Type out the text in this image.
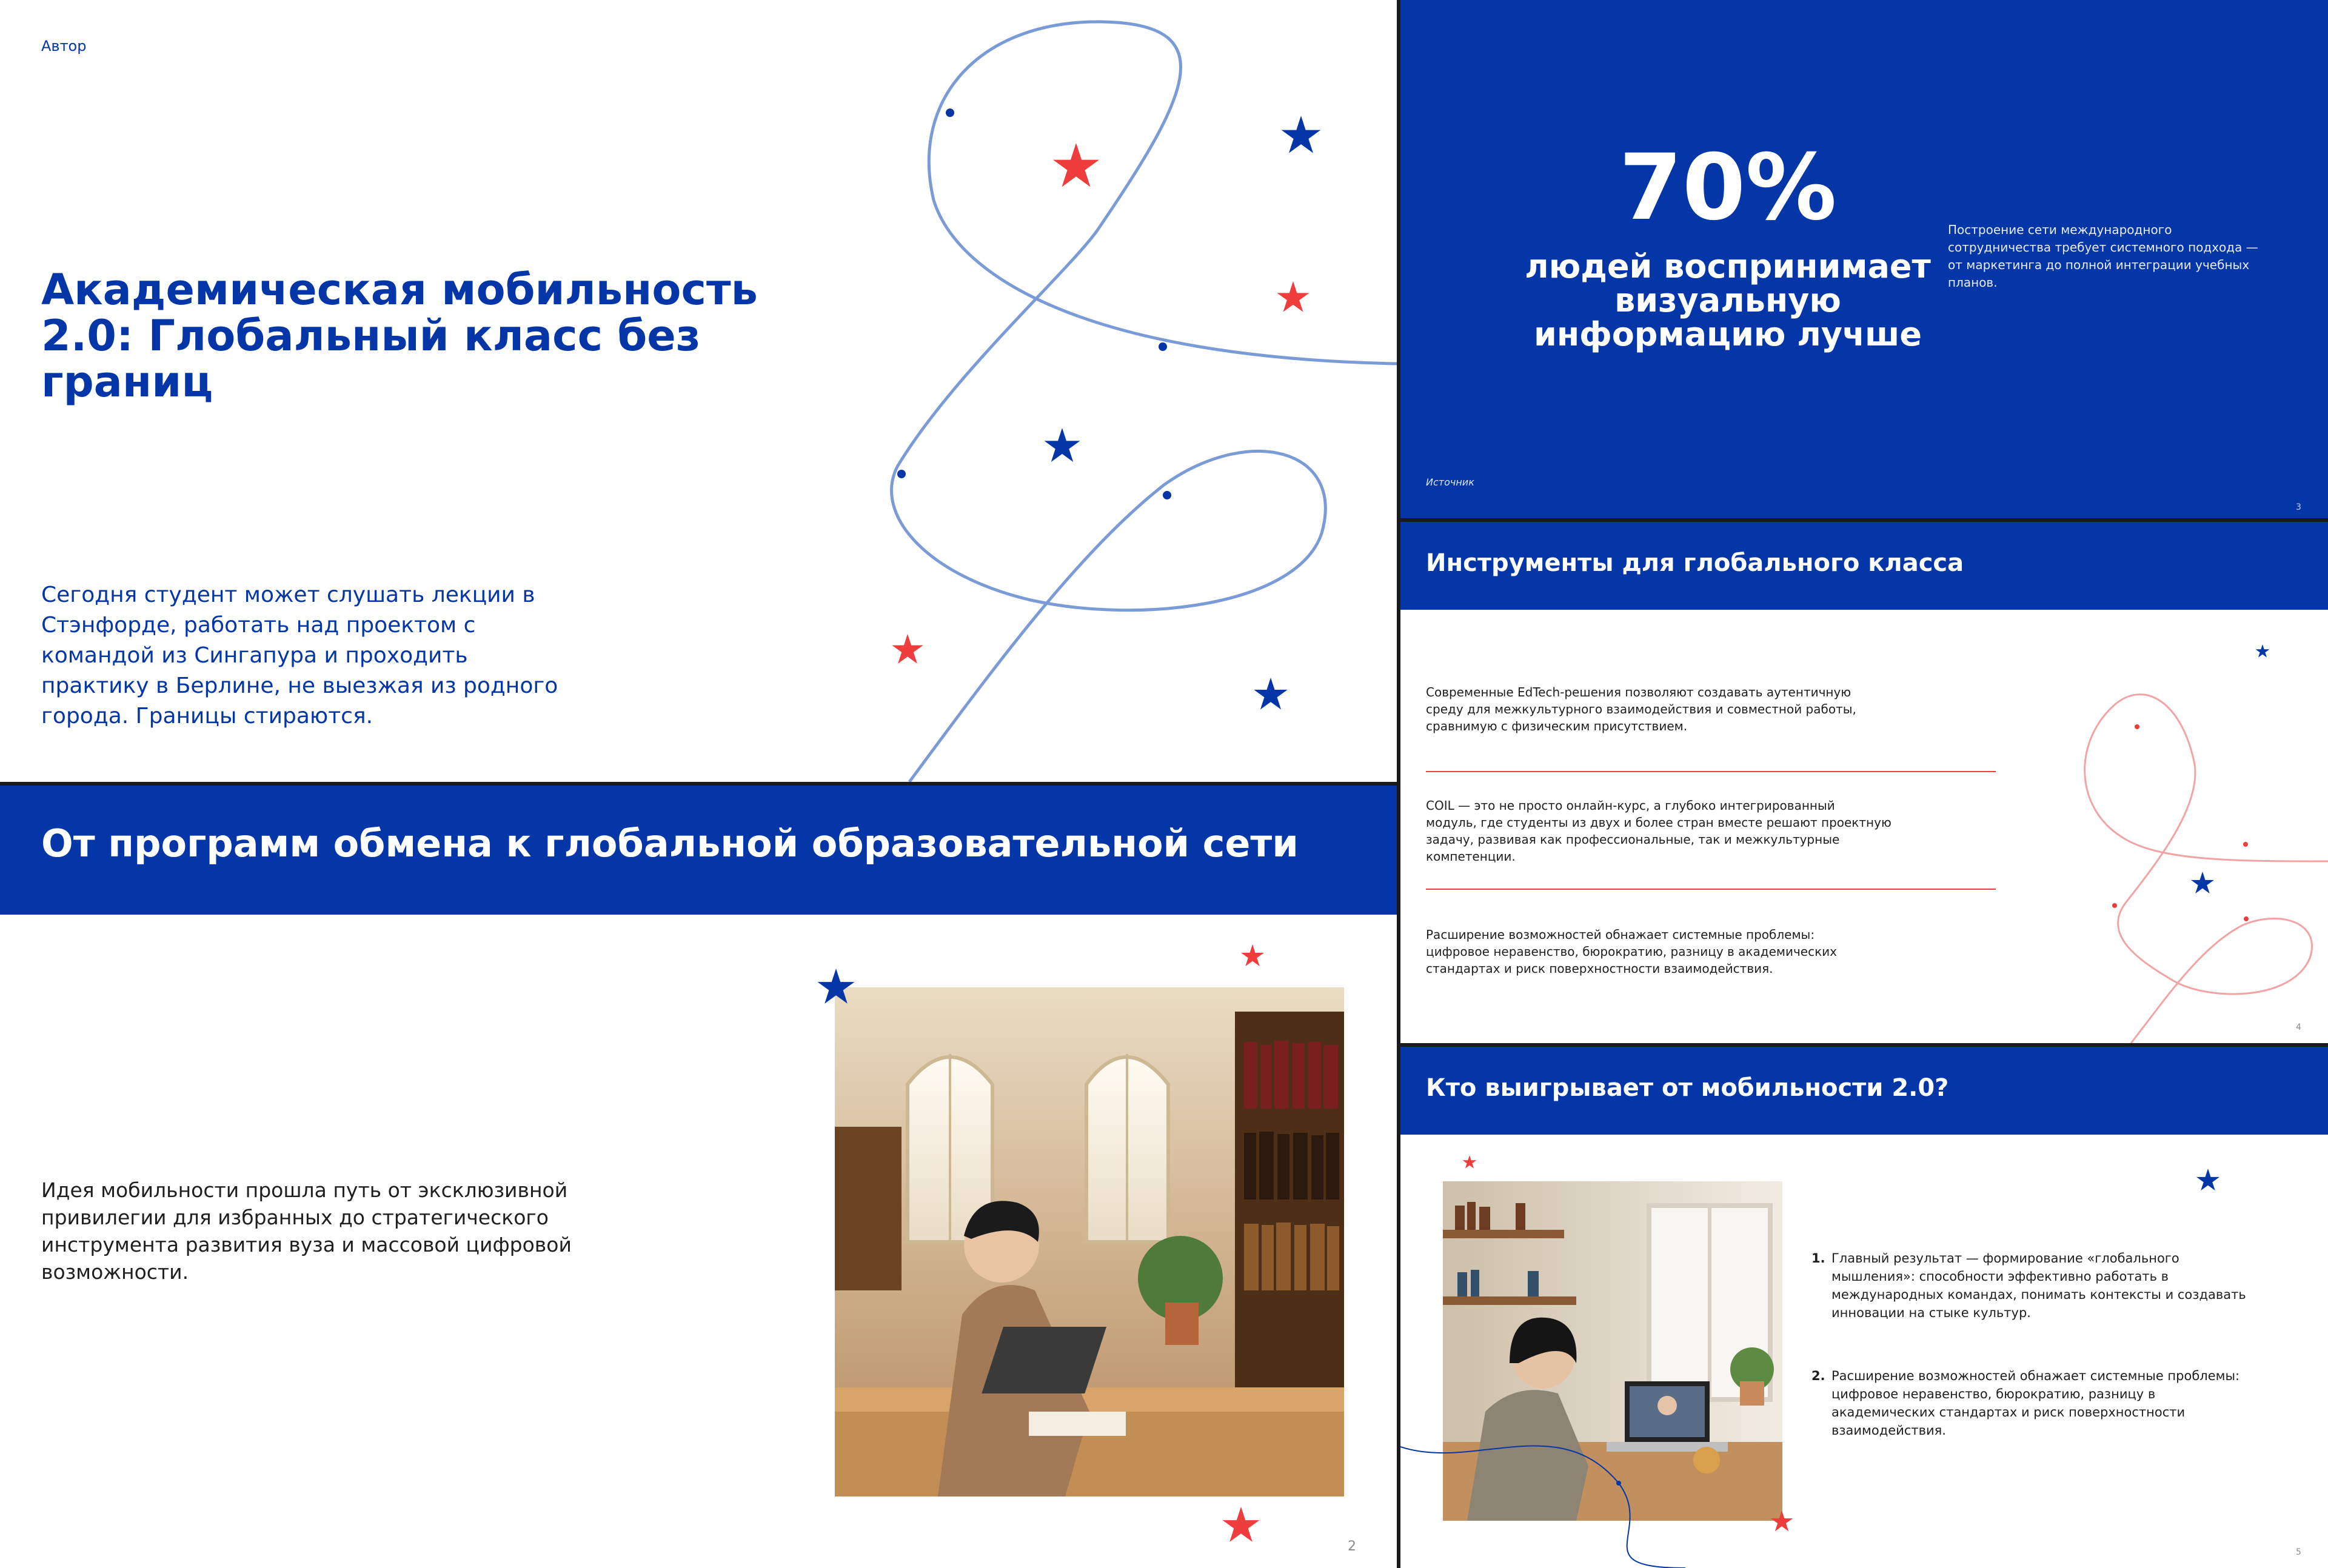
Автор
Академическая мобильность
2.0: Глобальный класс без
границ
Сегодня студент может слушать лекции в
Стэнфорде, работать над проектом с
командой из Сингапура и проходить
практику в Берлине, не выезжая из родного
города. Границы стираются.
От программ обмена к глобальной образовательной сети
Идея мобильности прошла путь от эксклюзивной
привилегии для избранных до стратегического
инструмента развития вуза и массовой цифровой
возможности.
2
70%
людей воспринимает
визуальную
информацию лучше
Построение сети международного
сотрудничества требует системного подхода —
от маркетинга до полной интеграции учебных
планов.
Источник
3
Инструменты для глобального класса
Современные EdTech-решения позволяют создавать аутентичную
среду для межкультурного взаимодействия и совместной работы,
сравнимую с физическим присутствием.
COIL — это не просто онлайн-курс, а глубоко интегрированный
модуль, где студенты из двух и более стран вместе решают проектную
задачу, развивая как профессиональные, так и межкультурные
компетенции.
Расширение возможностей обнажает системные проблемы:
цифровое неравенство, бюрократию, разницу в академических
стандартах и риск поверхностности взаимодействия.
4
Кто выигрывает от мобильности 2.0?
1. Главный результат — формирование «глобального
мышления»: способности эффективно работать в
международных командах, понимать контексты и создавать
инновации на стыке культур.
2. Расширение возможностей обнажает системные проблемы:
цифровое неравенство, бюрократию, разницу в
академических стандартах и риск поверхностности
взаимодействия.
5
